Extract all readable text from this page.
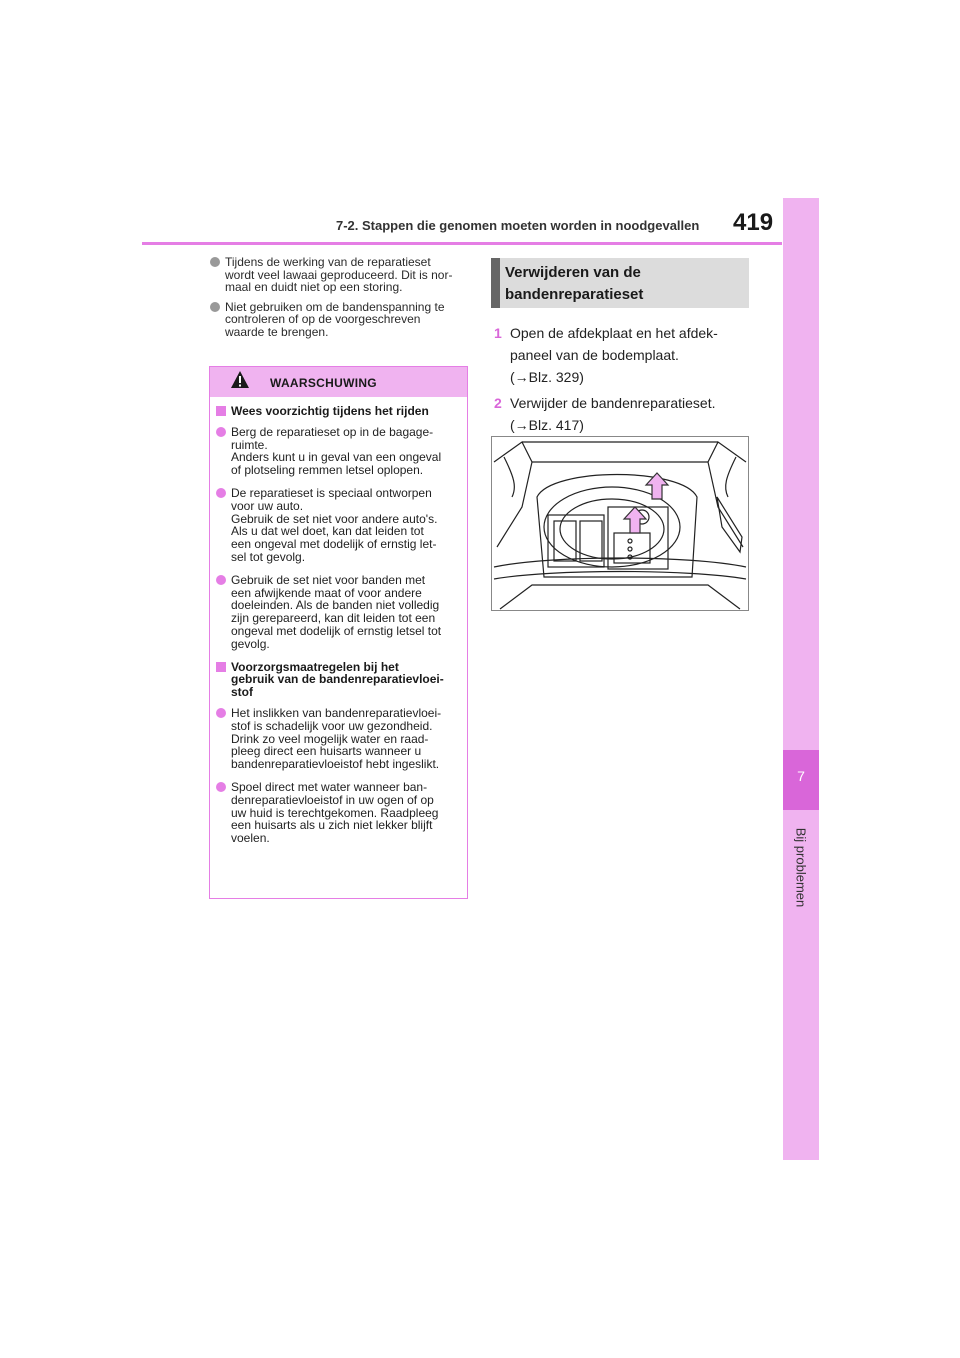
7-2. Stappen die genomen moeten worden in noodgevallen 419
7
Bij problemen
Tijdens de werking van de reparatieset
wordt veel lawaai geproduceerd. Dit is nor-
maal en duidt niet op een storing.
Niet gebruiken om de bandenspanning te
controleren of op de voorgeschreven
waarde te brengen.
WAARSCHUWING
Wees voorzichtig tijdens het rijden
Berg de reparatieset op in de bagage-
ruimte.
Anders kunt u in geval van een ongeval
of plotseling remmen letsel oplopen.
De reparatieset is speciaal ontworpen
voor uw auto.
Gebruik de set niet voor andere auto's.
Als u dat wel doet, kan dat leiden tot
een ongeval met dodelijk of ernstig let-
sel tot gevolg.
Gebruik de set niet voor banden met
een afwijkende maat of voor andere
doeleinden. Als de banden niet volledig
zijn gerepareerd, kan dit leiden tot een
ongeval met dodelijk of ernstig letsel tot
gevolg.
Voorzorgsmaatregelen bij het
gebruik van de bandenreparatievloei-
stof
Het inslikken van bandenreparatievloei-
stof is schadelijk voor uw gezondheid.
Drink zo veel mogelijk water en raad-
pleeg direct een huisarts wanneer u
bandenreparatievloeistof hebt ingeslikt.
Spoel direct met water wanneer ban-
denreparatievloeistof in uw ogen of op
uw huid is terechtgekomen. Raadpleeg
een huisarts als u zich niet lekker blijft
voelen.
Verwijderen van de
bandenreparatieset
1 Open de afdekplaat en het afdek-
paneel van de bodemplaat.
(→Blz. 329)
2 Verwijder de bandenreparatieset.
(→Blz. 417)
